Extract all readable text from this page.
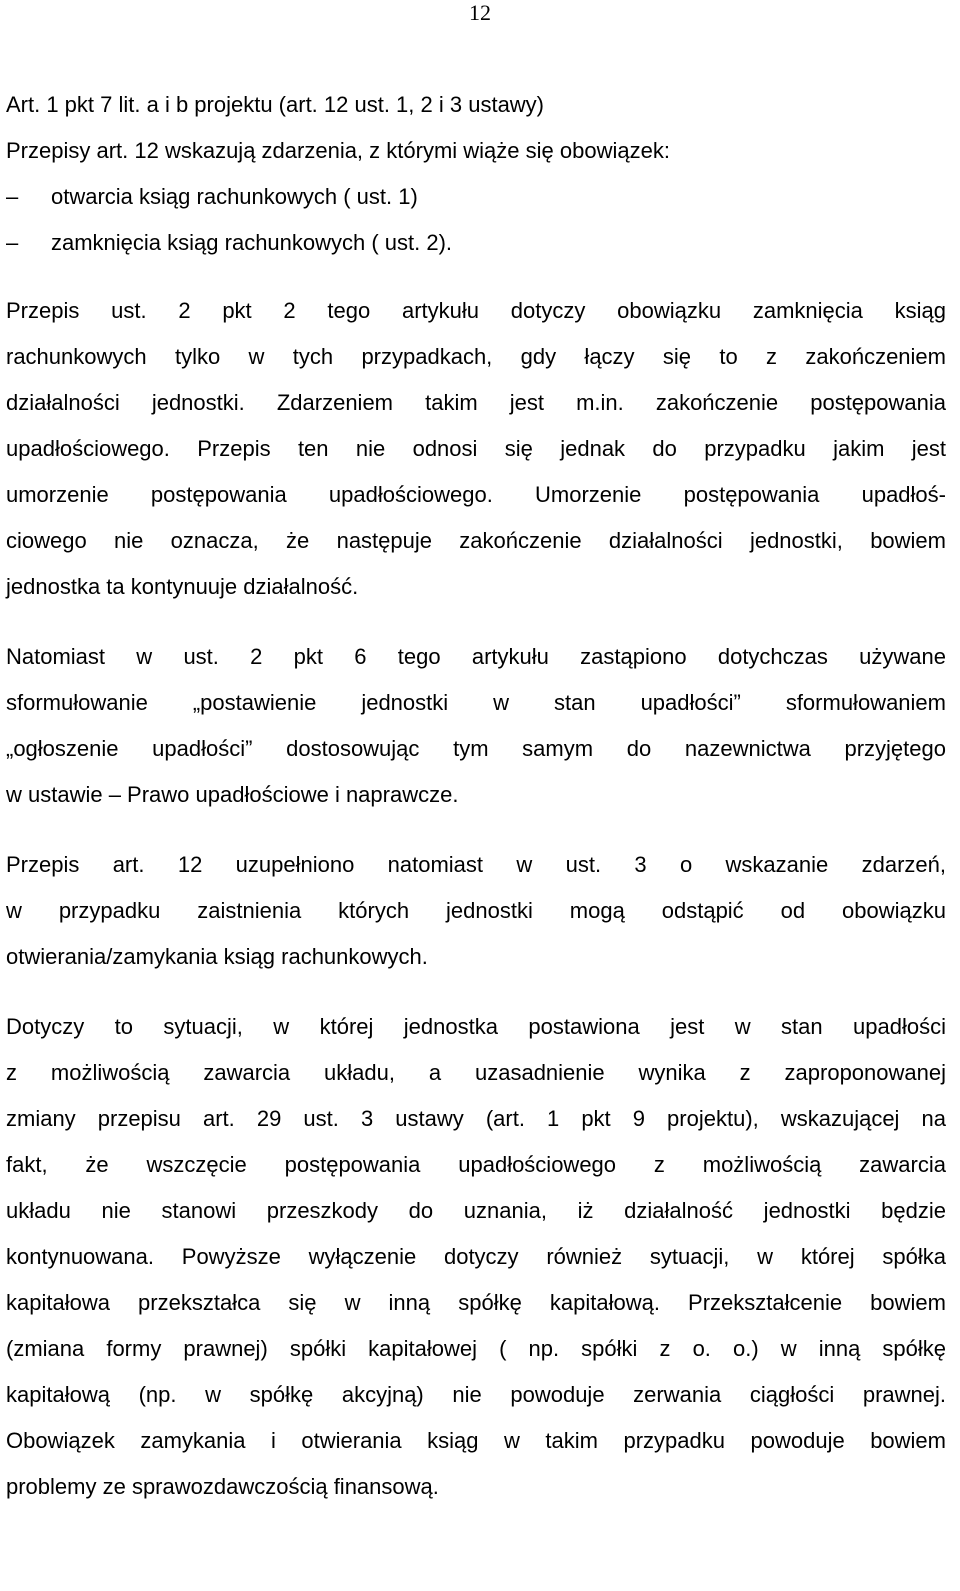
12
Art. 1 pkt 7 lit. a i b projektu (art. 12 ust. 1, 2 i 3 ustawy)
Przepisy art. 12 wskazują zdarzenia, z którymi wiąże się obowiązek:
–	otwarcia ksiąg rachunkowych ( ust. 1)
–	zamknięcia ksiąg rachunkowych ( ust. 2).
Przepis ust. 2 pkt 2 tego artykułu dotyczy obowiązku zamknięcia ksiąg
rachunkowych tylko w tych przypadkach, gdy łączy się to z zakończeniem
działalności jednostki. Zdarzeniem takim jest m.in. zakończenie postępowania
upadłościowego. Przepis ten nie odnosi się jednak do przypadku jakim jest
umorzenie postępowania upadłościowego. Umorzenie postępowania upadłoś-
ciowego nie oznacza, że następuje zakończenie działalności jednostki, bowiem
jednostka ta kontynuuje działalność.
Natomiast w ust. 2 pkt 6 tego artykułu zastąpiono dotychczas używane
sformułowanie „postawienie jednostki w stan upadłości” sformułowaniem
„ogłoszenie upadłości” dostosowując tym samym do nazewnictwa przyjętego
w ustawie – Prawo upadłościowe i naprawcze.
Przepis art. 12 uzupełniono natomiast w ust. 3 o wskazanie zdarzeń,
w przypadku zaistnienia których jednostki mogą odstąpić od obowiązku
otwierania/zamykania ksiąg rachunkowych.
Dotyczy to sytuacji, w której jednostka postawiona jest w stan upadłości
z możliwością zawarcia układu, a uzasadnienie wynika z zaproponowanej
zmiany przepisu art. 29 ust. 3 ustawy (art. 1 pkt 9 projektu), wskazującej na
fakt, że wszczęcie postępowania upadłościowego z możliwością zawarcia
układu nie stanowi przeszkody do uznania, iż działalność jednostki będzie
kontynuowana. Powyższe wyłączenie dotyczy również sytuacji, w której spółka
kapitałowa przekształca się w inną spółkę kapitałową. Przekształcenie bowiem
(zmiana formy prawnej) spółki kapitałowej ( np. spółki z o. o.) w inną spółkę
kapitałową (np. w spółkę akcyjną) nie powoduje zerwania ciągłości prawnej.
Obowiązek zamykania i otwierania ksiąg w takim przypadku powoduje bowiem
problemy ze sprawozdawczością finansową.
